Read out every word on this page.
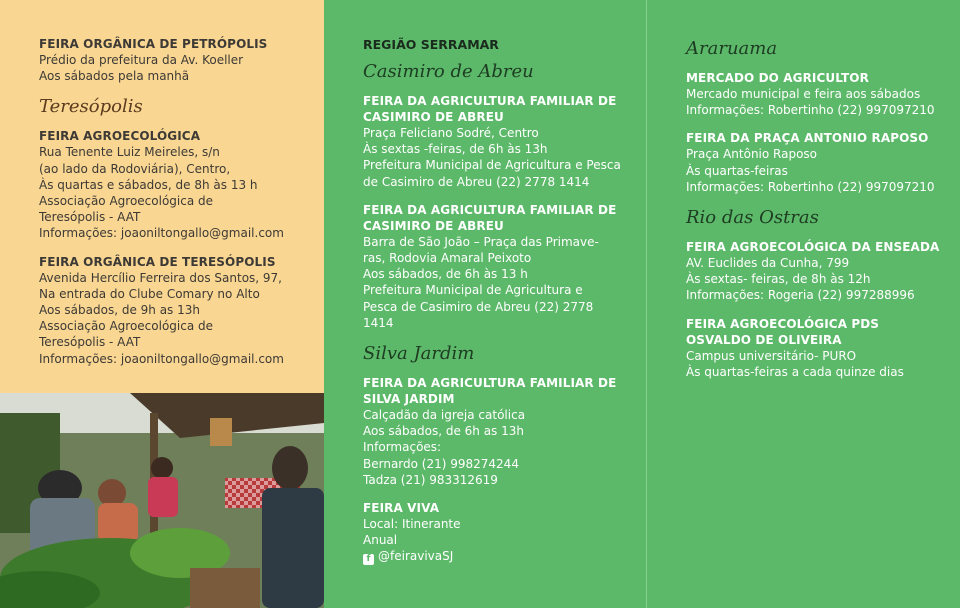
FEIRA ORGÂNICA DE PETRÓPOLIS
Prédio da prefeitura da Av. Koeller
Aos sábados pela manhã
Teresópolis
FEIRA AGROECOLÓGICA
Rua Tenente Luiz Meireles, s/n
(ao lado da Rodoviária), Centro,
Às quartas e sábados, de 8h às 13 h
Associação Agroecológica de
Teresópolis - AAT
Informações: joaoniltongallo@gmail.com
FEIRA ORGÂNICA DE TERESÓPOLIS
Avenida Hercílio Ferreira dos Santos, 97,
Na entrada do Clube Comary no Alto
Aos sábados, de 9h as 13h
Associação Agroecológica de
Teresópolis - AAT
Informações: joaoniltongallo@gmail.com
REGIÃO SERRAMAR
Casimiro de Abreu
FEIRA DA AGRICULTURA FAMILIAR DE
CASIMIRO DE ABREU
Praça Feliciano Sodré, Centro
Às sextas -feiras, de 6h às 13h
Prefeitura Municipal de Agricultura e Pesca
de Casimiro de Abreu (22) 2778 1414
FEIRA DA AGRICULTURA FAMILIAR DE
CASIMIRO DE ABREU
Barra de São João – Praça das Primave-
ras, Rodovia Amaral Peixoto
Aos sábados, de 6h às 13 h
Prefeitura Municipal de Agricultura e
Pesca de Casimiro de Abreu (22) 2778
1414
Silva Jardim
FEIRA DA AGRICULTURA FAMILIAR DE
SILVA JARDIM
Calçadão da igreja católica
Aos sábados, de 6h as 13h
Informações:
Bernardo (21) 998274244
Tadza (21) 983312619
FEIRA VIVA
Local: Itinerante
Anual
f @feiravivaSJ
Araruama
MERCADO DO AGRICULTOR
Mercado municipal e feira aos sábados
Informações: Robertinho (22) 997097210
FEIRA DA PRAÇA ANTONIO RAPOSO
Praça Antônio Raposo
Às quartas-feiras
Informações: Robertinho (22) 997097210
Rio das Ostras
FEIRA AGROECOLÓGICA DA ENSEADA
AV. Euclides da Cunha, 799
Às sextas- feiras, de 8h às 12h
Informações: Rogeria (22) 997288996
FEIRA AGROECOLÓGICA PDS
OSVALDO DE OLIVEIRA
Campus universitário- PURO
Às quartas-feiras a cada quinze dias
